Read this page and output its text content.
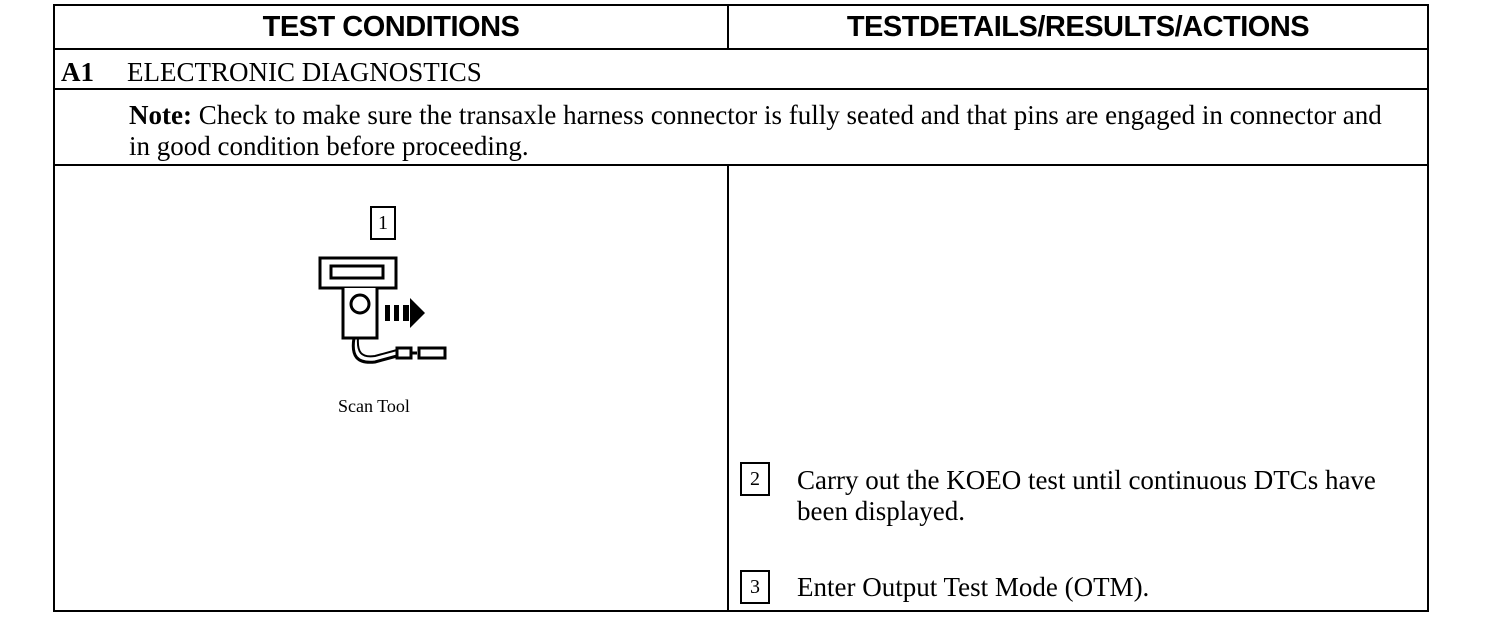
TEST CONDITIONS	TESTDETAILS/RESULTS/ACTIONS
A1 ELECTRONIC DIAGNOSTICS
Note: Check to make sure the transaxle harness connector is fully seated and that pins are engaged in connector and in good condition before proceeding.
1
Scan Tool
2	Carry out the KOEO test until continuous DTCs have been displayed.
3	Enter Output Test Mode (OTM).
